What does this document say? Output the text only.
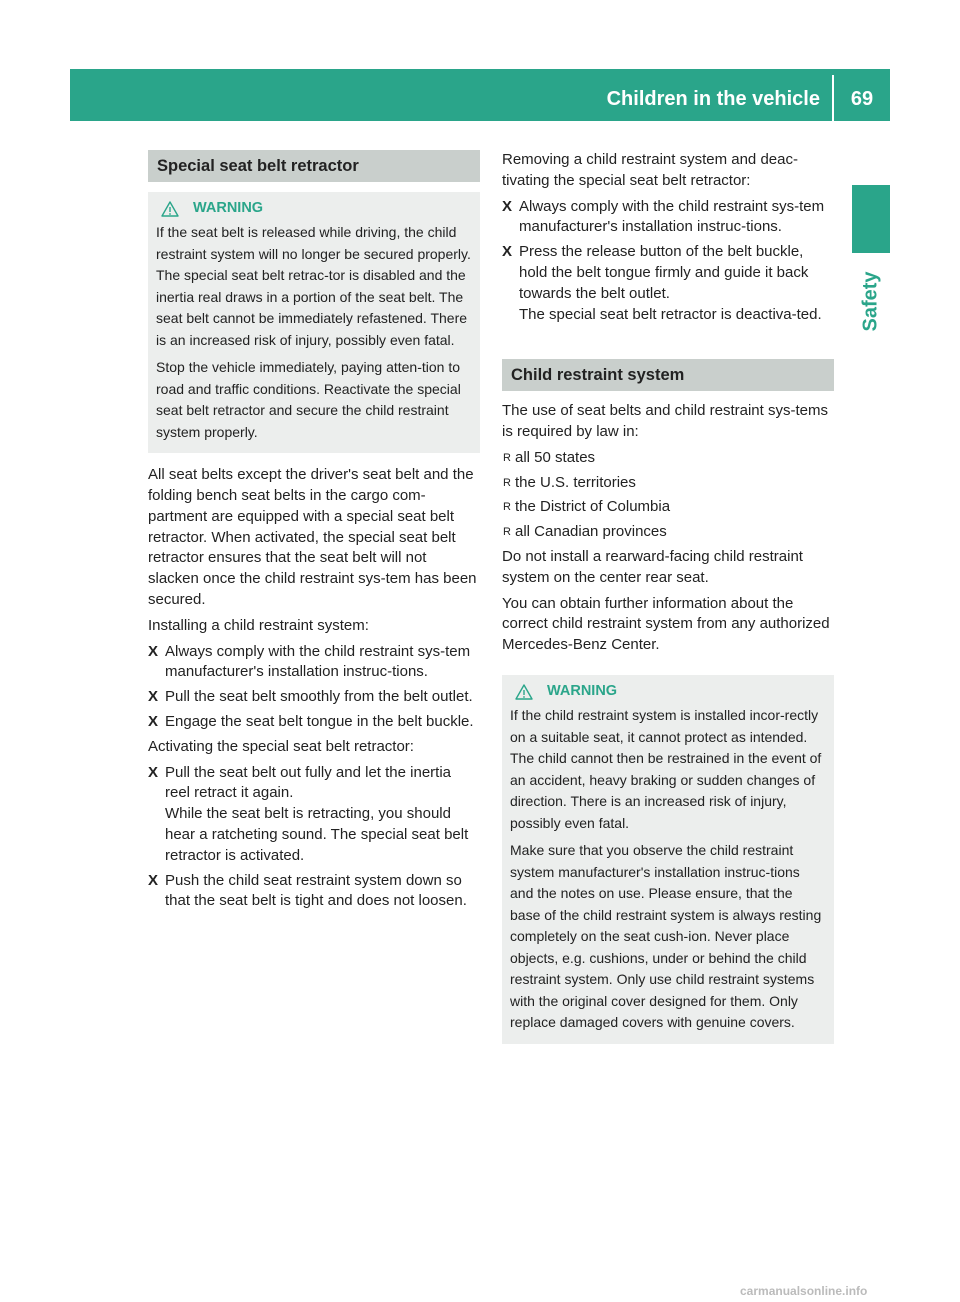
Children in the vehicle	69
Safety
Special seat belt retractor
WARNING

If the seat belt is released while driving, the child restraint system will no longer be secured properly. The special seat belt retrac-tor is disabled and the inertia real draws in a portion of the seat belt. The seat belt cannot be immediately refastened. There is an increased risk of injury, possibly even fatal.

Stop the vehicle immediately, paying atten-tion to road and traffic conditions. Reactivate the special seat belt retractor and secure the child restraint system properly.

All seat belts except the driver's seat belt and the folding bench seat belts in the cargo com-partment are equipped with a special seat belt retractor. When activated, the special seat belt retractor ensures that the seat belt will not slacken once the child restraint sys-tem has been secured.

Installing a child restraint system:

X Always comply with the child restraint sys-tem manufacturer's installation instruc-tions.
X Pull the seat belt smoothly from the belt outlet.
X Engage the seat belt tongue in the belt buckle.

Activating the special seat belt retractor:

X Pull the seat belt out fully and let the inertia reel retract it again.
While the seat belt is retracting, you should hear a ratcheting sound. The special seat belt retractor is activated.
X Push the child seat restraint system down so that the seat belt is tight and does not loosen.

Removing a child restraint system and deac-tivating the special seat belt retractor:

X Always comply with the child restraint sys-tem manufacturer's installation instruc-tions.
X Press the release button of the belt buckle, hold the belt tongue firmly and guide it back towards the belt outlet.
The special seat belt retractor is deactiva-ted.
Child restraint system

The use of seat belts and child restraint sys-tems is required by law in:

R all 50 states
R the U.S. territories
R the District of Columbia
R all Canadian provinces

Do not install a rearward-facing child restraint system on the center rear seat.

You can obtain further information about the correct child restraint system from any authorized Mercedes-Benz Center.

WARNING

If the child restraint system is installed incor-rectly on a suitable seat, it cannot protect as intended. The child cannot then be restrained in the event of an accident, heavy braking or sudden changes of direction. There is an increased risk of injury, possibly even fatal.

Make sure that you observe the child restraint system manufacturer's installation instruc-tions and the notes on use. Please ensure, that the base of the child restraint system is always resting completely on the seat cush-ion. Never place objects, e.g. cushions, under or behind the child restraint system. Only use child restraint systems with the original cover designed for them. Only replace damaged covers with genuine covers.

carmanualsonline.info
